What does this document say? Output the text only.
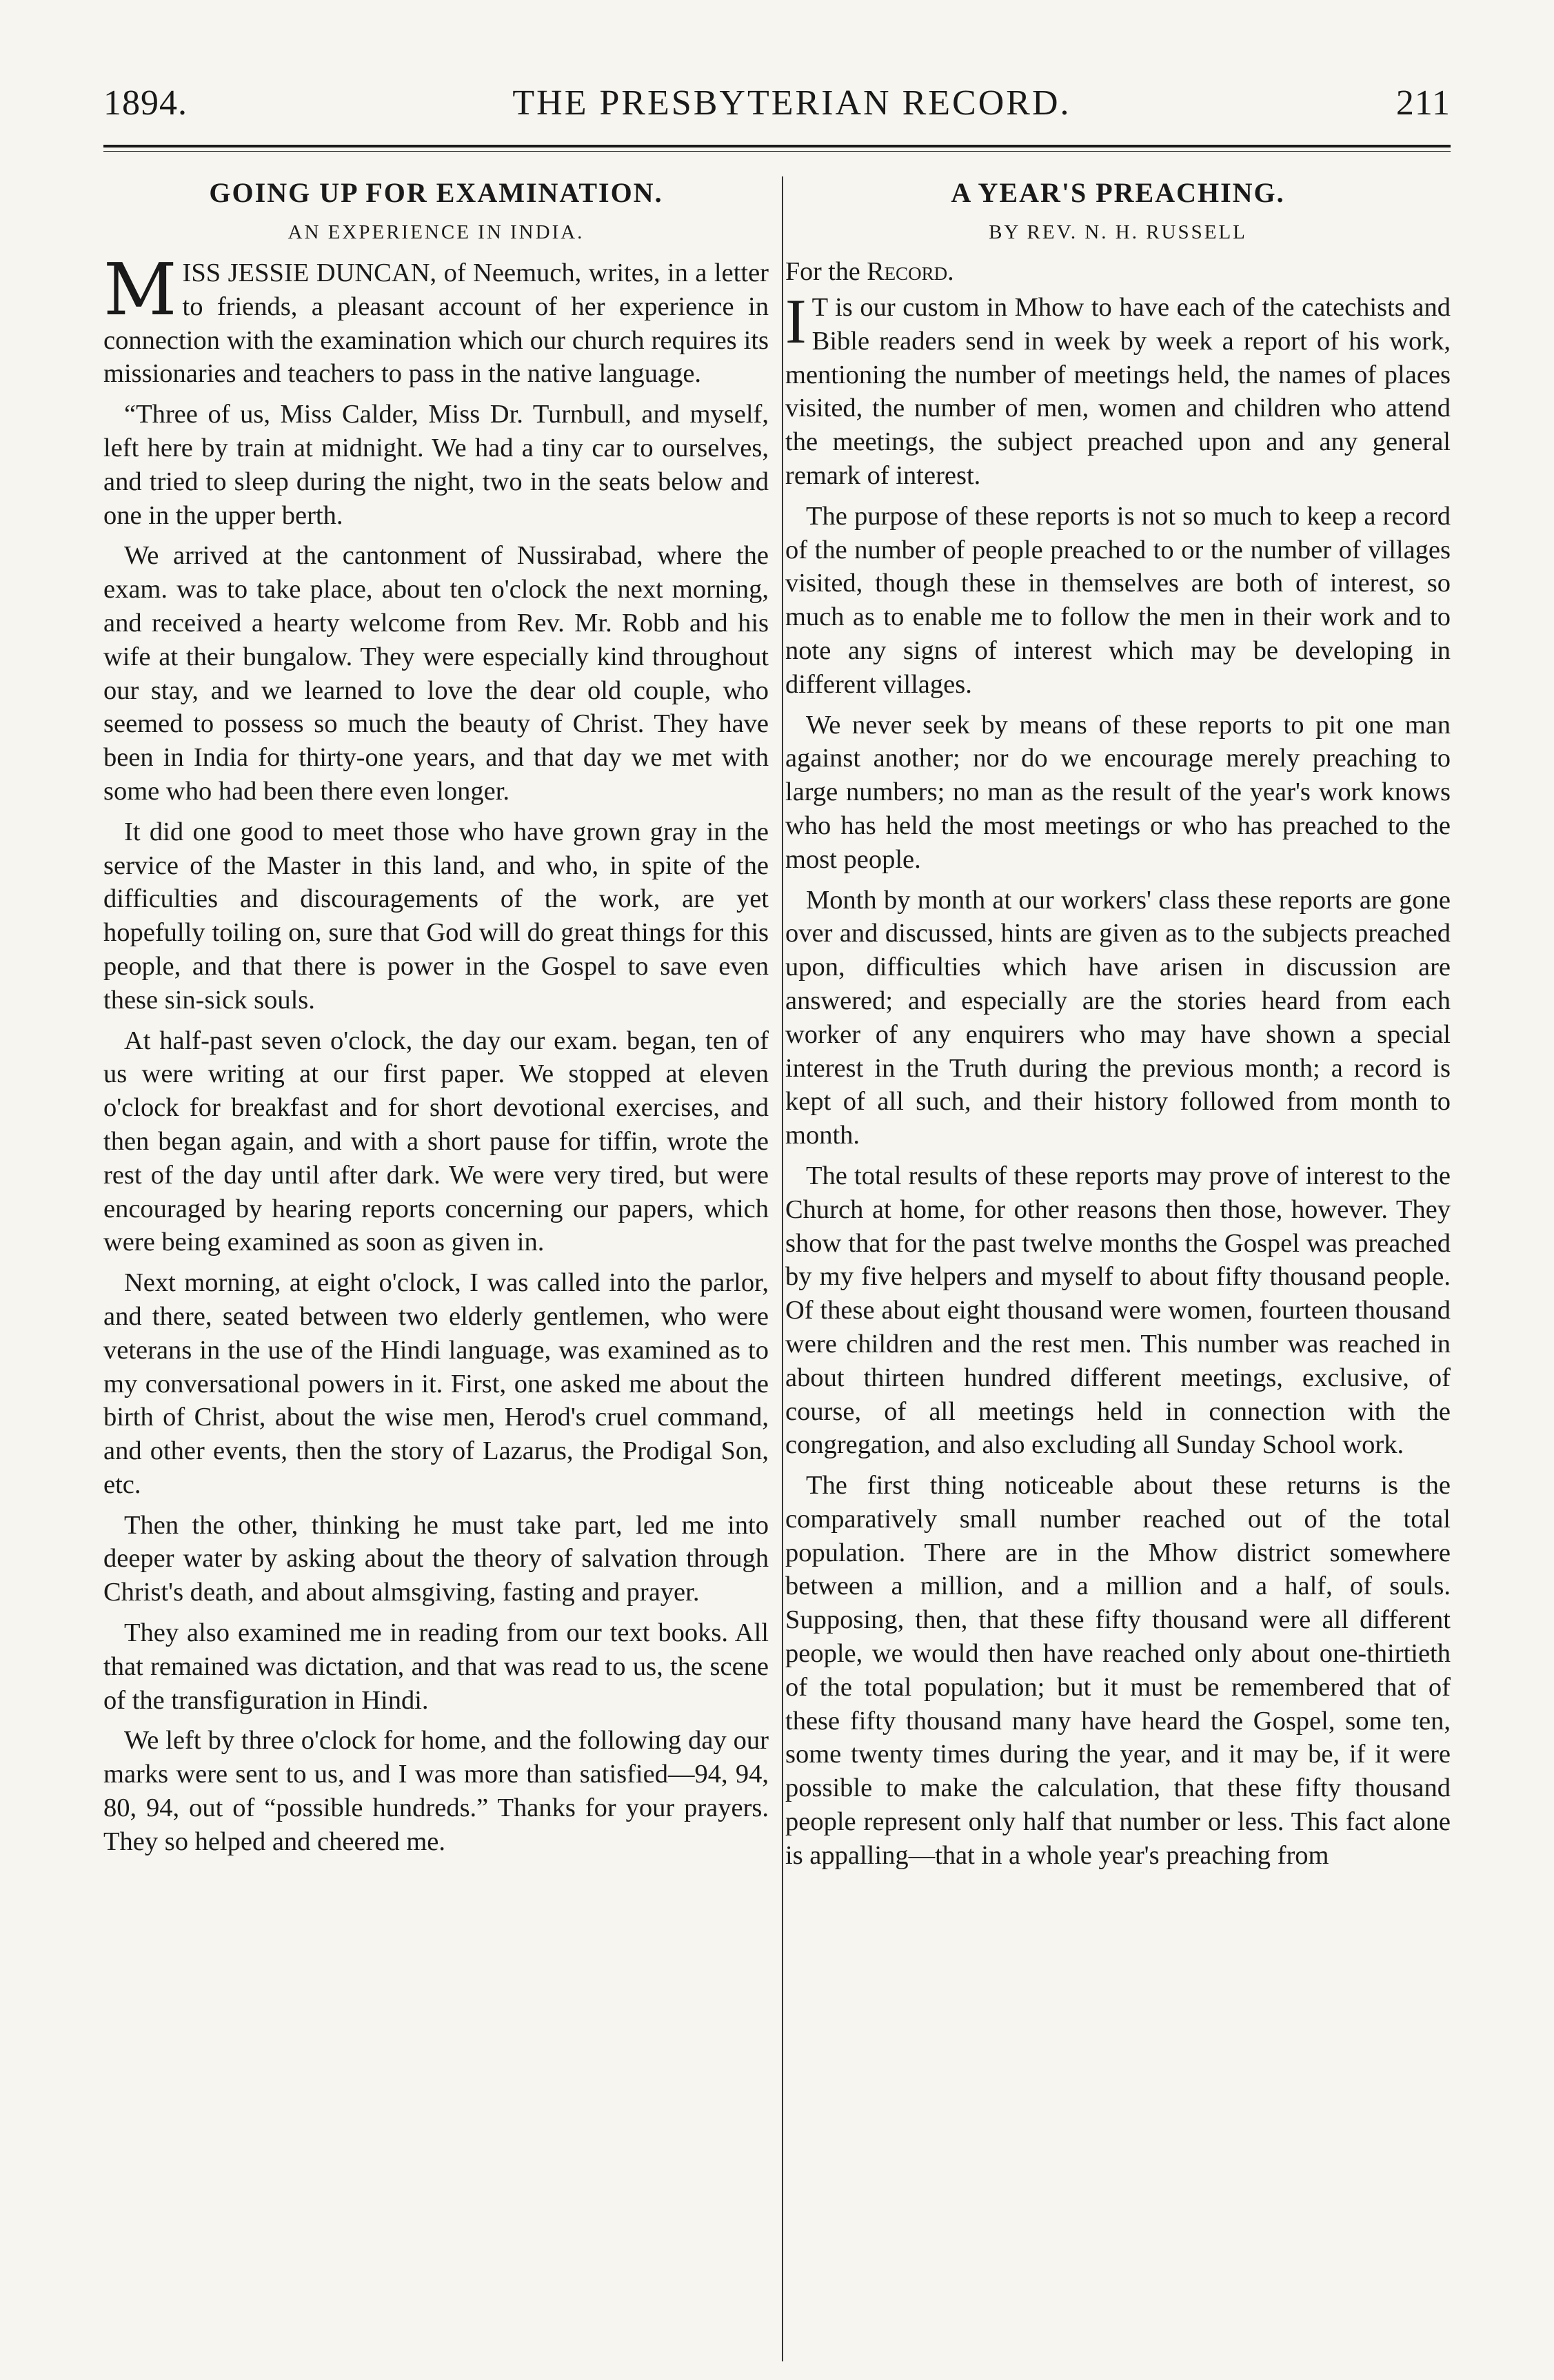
1894.	THE PRESBYTERIAN RECORD.	211
GOING UP FOR EXAMINATION.
AN EXPERIENCE IN INDIA.

MISS JESSIE DUNCAN, of Neemuch, writes, in a letter to friends, a pleasant account of her experience in connection with the examination which our church requires its missionaries and teachers to pass in the native language.

“Three of us, Miss Calder, Miss Dr. Turnbull, and myself, left here by train at midnight. We had a tiny car to ourselves, and tried to sleep during the night, two in the seats below and one in the upper berth.

We arrived at the cantonment of Nussirabad, where the exam. was to take place, about ten o'clock the next morning, and received a hearty welcome from Rev. Mr. Robb and his wife at their bungalow. They were especially kind throughout our stay, and we learned to love the dear old couple, who seemed to possess so much the beauty of Christ. They have been in India for thirty-one years, and that day we met with some who had been there even longer.

It did one good to meet those who have grown gray in the service of the Master in this land, and who, in spite of the difficulties and discouragements of the work, are yet hopefully toiling on, sure that God will do great things for this people, and that there is power in the Gospel to save even these sin-sick souls.

At half-past seven o'clock, the day our exam. began, ten of us were writing at our first paper. We stopped at eleven o'clock for breakfast and for short devotional exercises, and then began again, and with a short pause for tiffin, wrote the rest of the day until after dark. We were very tired, but were encouraged by hearing reports concerning our papers, which were being examined as soon as given in.

Next morning, at eight o'clock, I was called into the parlor, and there, seated between two elderly gentlemen, who were veterans in the use of the Hindi language, was examined as to my conversational powers in it. First, one asked me about the birth of Christ, about the wise men, Herod's cruel command, and other events, then the story of Lazarus, the Prodigal Son, etc.

Then the other, thinking he must take part, led me into deeper water by asking about the theory of salvation through Christ's death, and about almsgiving, fasting and prayer.

They also examined me in reading from our text books. All that remained was dictation, and that was read to us, the scene of the transfiguration in Hindi.

We left by three o'clock for home, and the following day our marks were sent to us, and I was more than satisfied—94, 94, 80, 94, out of “possible hundreds.” Thanks for your prayers. They so helped and cheered me.

A YEAR'S PREACHING.
BY REV. N. H. RUSSELL
For the Record.

I T is our custom in Mhow to have each of the catechists and Bible readers send in week by week a report of his work, mentioning the number of meetings held, the names of places visited, the number of men, women and children who attend the meetings, the subject preached upon and any general remark of interest.

The purpose of these reports is not so much to keep a record of the number of people preached to or the number of villages visited, though these in themselves are both of interest, so much as to enable me to follow the men in their work and to note any signs of interest which may be developing in different villages.

We never seek by means of these reports to pit one man against another; nor do we encourage merely preaching to large numbers; no man as the result of the year's work knows who has held the most meetings or who has preached to the most people.

Month by month at our workers' class these reports are gone over and discussed, hints are given as to the subjects preached upon, difficulties which have arisen in discussion are answered; and especially are the stories heard from each worker of any enquirers who may have shown a special interest in the Truth during the previous month; a record is kept of all such, and their history followed from month to month.

The total results of these reports may prove of interest to the Church at home, for other reasons then those, however. They show that for the past twelve months the Gospel was preached by my five helpers and myself to about fifty thousand people. Of these about eight thousand were women, fourteen thousand were children and the rest men. This number was reached in about thirteen hundred different meetings, exclusive, of course, of all meetings held in connection with the congregation, and also excluding all Sunday School work.

The first thing noticeable about these returns is the comparatively small number reached out of the total population. There are in the Mhow district somewhere between a million, and a million and a half, of souls. Supposing, then, that these fifty thousand were all different people, we would then have reached only about one-thirtieth of the total population; but it must be remembered that of these fifty thousand many have heard the Gospel, some ten, some twenty times during the year, and it may be, if it were possible to make the calculation, that these fifty thousand people represent only half that number or less. This fact alone is appalling—that in a whole year's preaching from
